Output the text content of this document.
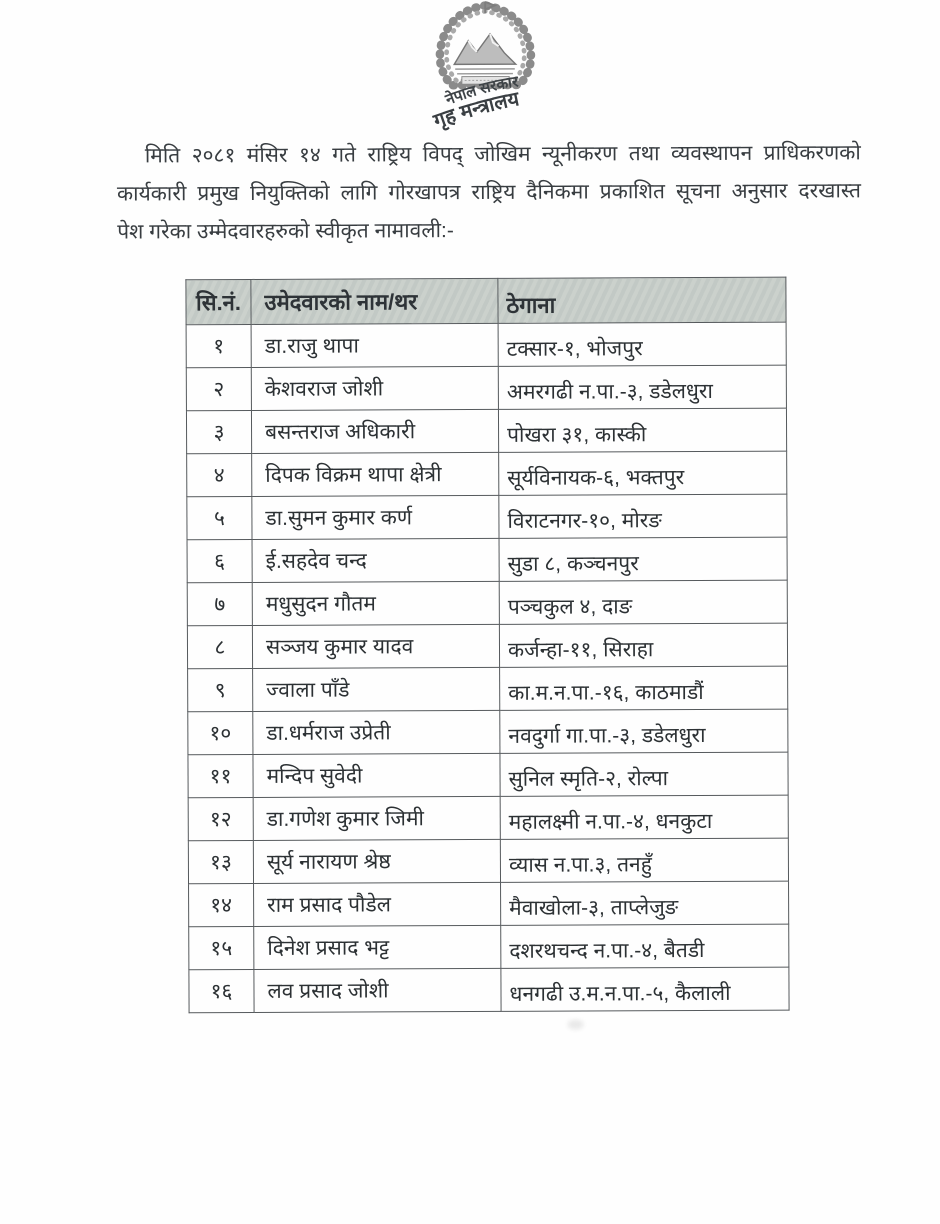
नेपाल सरकार
गृह मन्त्रालय
मिति २०८१ मंसिर १४ गते राष्ट्रिय विपद् जोखिम न्यूनीकरण तथा व्यवस्थापन प्राधिकरणको
कार्यकारी प्रमुख नियुक्तिको लागि गोरखापत्र राष्ट्रिय दैनिकमा प्रकाशित सूचना अनुसार दरखास्त
पेश गरेका उम्मेदवारहरुको स्वीकृत नामावली:-
सि.नं.	उमेदवारको नाम/थर	ठेगाना
१	डा.राजु थापा	टक्सार-१, भोजपुर
२	केशवराज जोशी	अमरगढी न.पा.-३, डडेलधुरा
३	बसन्तराज अधिकारी	पोखरा ३१, कास्की
४	दिपक विक्रम थापा क्षेत्री	सूर्यविनायक-६, भक्तपुर
५	डा.सुमन कुमार कर्ण	विराटनगर-१०, मोरङ
६	ई.सहदेव चन्द	सुडा ८, कञ्चनपुर
७	मधुसुदन गौतम	पञ्चकुल ४, दाङ
८	सञ्जय कुमार यादव	कर्जन्हा-११, सिराहा
९	ज्वाला पाँडे	का.म.न.पा.-१६, काठमाडौं
१०	डा.धर्मराज उप्रेती	नवदुर्गा गा.पा.-३, डडेलधुरा
११	मन्दिप सुवेदी	सुनिल स्मृति-२, रोल्पा
१२	डा.गणेश कुमार जिमी	महालक्ष्मी न.पा.-४, धनकुटा
१३	सूर्य नारायण श्रेष्ठ	व्यास न.पा.३, तनहुँ
१४	राम प्रसाद पौडेल	मैवाखोला-३, ताप्लेजुङ
१५	दिनेश प्रसाद भट्ट	दशरथचन्द न.पा.-४, बैतडी
१६	लव प्रसाद जोशी	धनगढी उ.म.न.पा.-५, कैलाली
